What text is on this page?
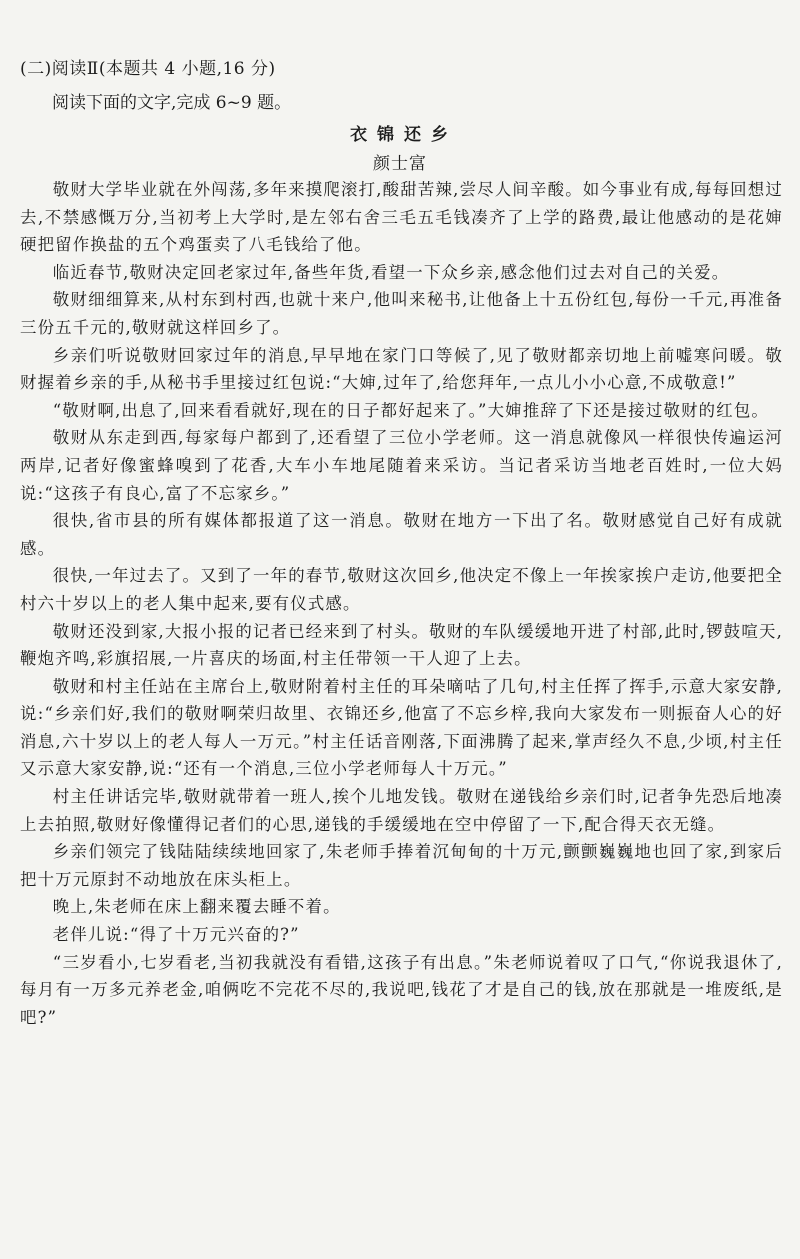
(二)阅读Ⅱ(本题共 4 小题,16 分)
阅读下面的文字,完成 6~9 题。
衣 锦 还 乡
颜士富

敬财大学毕业就在外闯荡,多年来摸爬滚打,酸甜苦辣,尝尽人间辛酸。如今事业有成,每每回想过去,不禁感慨万分,当初考上大学时,是左邻右舍三毛五毛钱凑齐了上学的路费,最让他感动的是花婶硬把留作换盐的五个鸡蛋卖了八毛钱给了他。

临近春节,敬财决定回老家过年,备些年货,看望一下众乡亲,感念他们过去对自己的关爱。

敬财细细算来,从村东到村西,也就十来户,他叫来秘书,让他备上十五份红包,每份一千元,再准备三份五千元的,敬财就这样回乡了。

乡亲们听说敬财回家过年的消息,早早地在家门口等候了,见了敬财都亲切地上前嘘寒问暖。敬财握着乡亲的手,从秘书手里接过红包说:“大婶,过年了,给您拜年,一点儿小小心意,不成敬意!”

“敬财啊,出息了,回来看看就好,现在的日子都好起来了。”大婶推辞了下还是接过敬财的红包。

敬财从东走到西,每家每户都到了,还看望了三位小学老师。这一消息就像风一样很快传遍运河两岸,记者好像蜜蜂嗅到了花香,大车小车地尾随着来采访。当记者采访当地老百姓时,一位大妈说:“这孩子有良心,富了不忘家乡。”

很快,省市县的所有媒体都报道了这一消息。敬财在地方一下出了名。敬财感觉自己好有成就感。

很快,一年过去了。又到了一年的春节,敬财这次回乡,他决定不像上一年挨家挨户走访,他要把全村六十岁以上的老人集中起来,要有仪式感。

敬财还没到家,大报小报的记者已经来到了村头。敬财的车队缓缓地开进了村部,此时,锣鼓喧天,鞭炮齐鸣,彩旗招展,一片喜庆的场面,村主任带领一干人迎了上去。

敬财和村主任站在主席台上,敬财附着村主任的耳朵嘀咕了几句,村主任挥了挥手,示意大家安静,说:“乡亲们好,我们的敬财啊荣归故里、衣锦还乡,他富了不忘乡梓,我向大家发布一则振奋人心的好消息,六十岁以上的老人每人一万元。”村主任话音刚落,下面沸腾了起来,掌声经久不息,少顷,村主任又示意大家安静,说:“还有一个消息,三位小学老师每人十万元。”

村主任讲话完毕,敬财就带着一班人,挨个儿地发钱。敬财在递钱给乡亲们时,记者争先恐后地凑上去拍照,敬财好像懂得记者们的心思,递钱的手缓缓地在空中停留了一下,配合得天衣无缝。

乡亲们领完了钱陆陆续续地回家了,朱老师手捧着沉甸甸的十万元,颤颤巍巍地也回了家,到家后把十万元原封不动地放在床头柜上。

晚上,朱老师在床上翻来覆去睡不着。

老伴儿说:“得了十万元兴奋的?”

“三岁看小,七岁看老,当初我就没有看错,这孩子有出息。”朱老师说着叹了口气,“你说我退休了,每月有一万多元养老金,咱俩吃不完花不尽的,我说吧,钱花了才是自己的钱,放在那就是一堆废纸,是吧?”
